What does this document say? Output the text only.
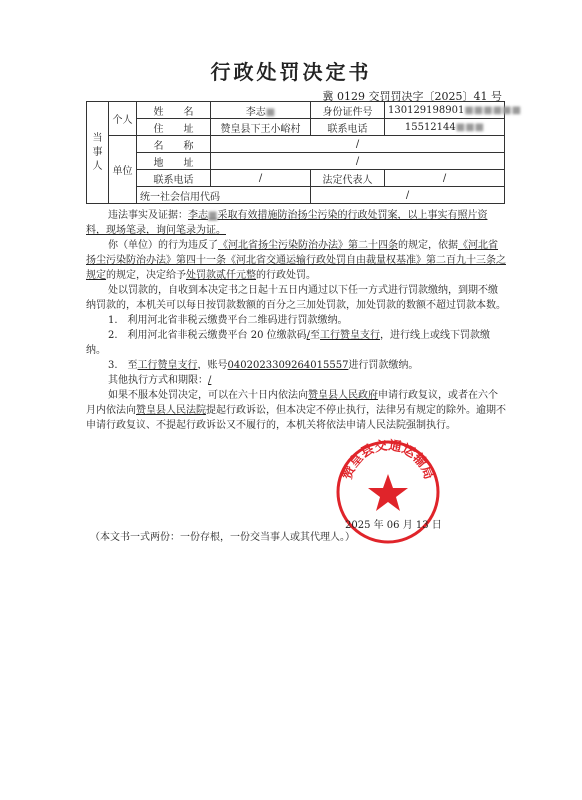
行政处罚决定书
冀 0129 交罚罚决字〔2025〕41 号
当事人	个人	姓　　名	李志■	身份证件号	130129198901■■■■■■
		住　　址	赞皇县下王小峪村	联系电话	15512144■■■
	单位	名　　称	/		
		地　　址	/		
		联系电话	/	法定代表人	/
		统一社会信用代码		/	

违法事实及证据：李志■采取有效措施防治扬尘污染的行政处罚案，以上事实有照片资料，现场笔录，询问笔录为证。

你（单位）的行为违反了《河北省扬尘污染防治办法》第二十四条的规定，依据《河北省扬尘污染防治办法》第四十一条《河北省交通运输行政处罚自由裁量权基准》第二百九十三条之规定的规定，决定给予处罚款贰仟元整的行政处罚。

处以罚款的，自收到本决定书之日起十五日内通过以下任一方式进行罚款缴纳，到期不缴纳罚款的，本机关可以每日按罚款数额的百分之三加处罚款，加处罚款的数额不超过罚款本数。

1.　利用河北省非税云缴费平台二维码进行罚款缴纳。

2.　利用河北省非税云缴费平台 20 位缴款码/至工行赞皇支行，进行线上或线下罚款缴纳。

3.　至工行赞皇支行，账号0402023309264015557进行罚款缴纳。

其他执行方式和期限：/

如果不服本处罚决定，可以在六十日内依法向赞皇县人民政府申请行政复议，或者在六个月内依法向赞皇县人民法院提起行政诉讼，但本决定不停止执行，法律另有规定的除外。逾期不申请行政复议、不提起行政诉讼又不履行的，本机关将依法申请人民法院强制执行。

赞皇县交通运输局
2025 年 06 月 13 日
（本文书一式两份：一份存根，一份交当事人或其代理人。）
